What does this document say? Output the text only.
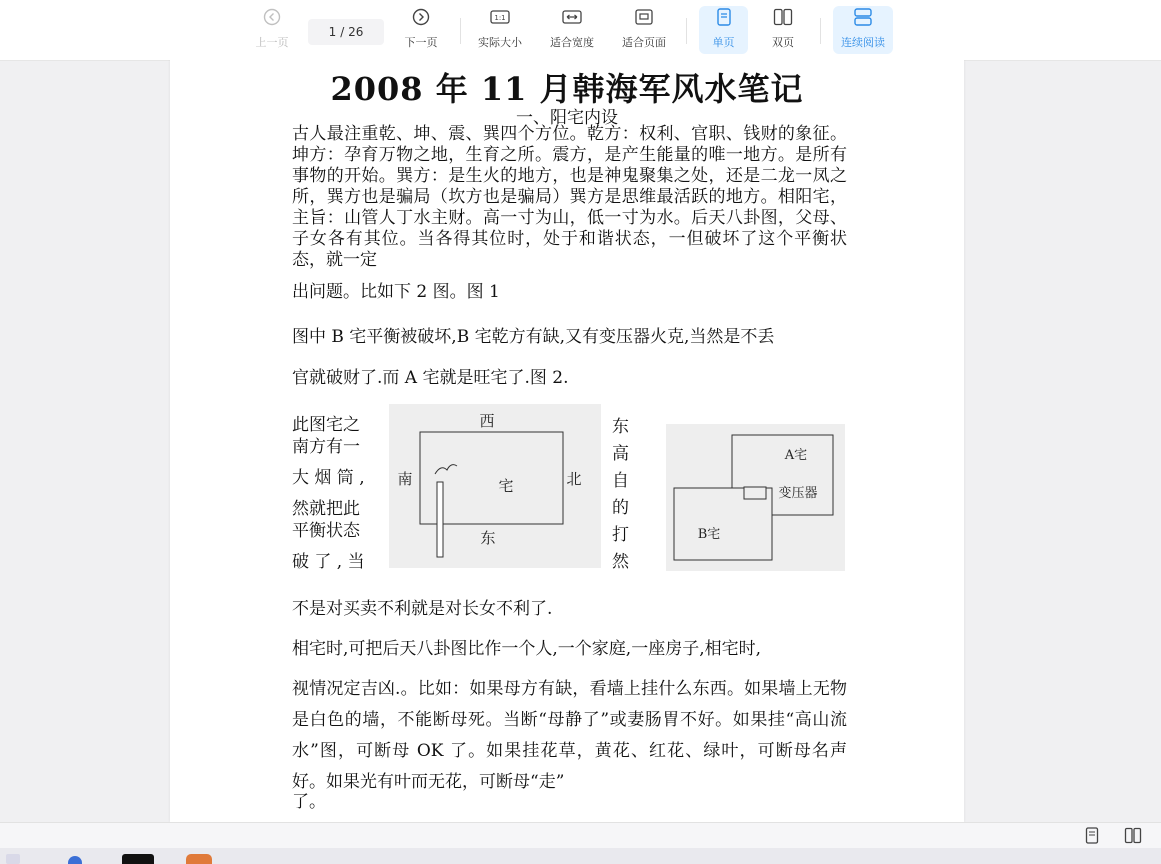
上一页
1 / 26
下一页
1:1
实际大小	适合宽度	适合页面	单页	双页	连续阅读
2008 年 11 月韩海军风水笔记
一、阳宅内设
古人最注重乾、坤、震、巽四个方位。乾方：权利、官职、钱财的象征。坤方：孕育万物之地，生育之所。震方，是产生能量的唯一地方。是所有事物的开始。巽方：是生火的地方，也是神鬼聚集之处，还是二龙一凤之所，巽方也是骗局（坎方也是骗局）巽方是思维最活跃的地方。相阳宅，主旨：山管人丁水主财。高一寸为山，低一寸为水。后天八卦图，父母、子女各有其位。当各得其位时，处于和谐状态，一但破坏了这个平衡状态，就一定
出问题。比如下 2 图。图 1
图中 B 宅平衡被破坏,B 宅乾方有缺,又有变压器火克,当然是不丢
官就破财了.而 A 宅就是旺宅了.图 2.
此图宅之
南方有一
大 烟 筒 ,
然就把此
平衡状态
破 了 , 当
西
南	北
宅
东
东
高
自
的
打
然
A宅
变压器
B宅
不是对买卖不利就是对长女不利了.
相宅时,可把后天八卦图比作一个人,一个家庭,一座房子,相宅时,
视情况定吉凶.。比如：如果母方有缺，看墙上挂什么东西。如果墙上无物是白色的墙，不能断母死。当断“母静了”或妻肠胃不好。如果挂“高山流水”图，可断母 OK 了。如果挂花草，黄花、红花、绿叶，可断母名声好。如果光有叶而无花，可断母“走”
了。
